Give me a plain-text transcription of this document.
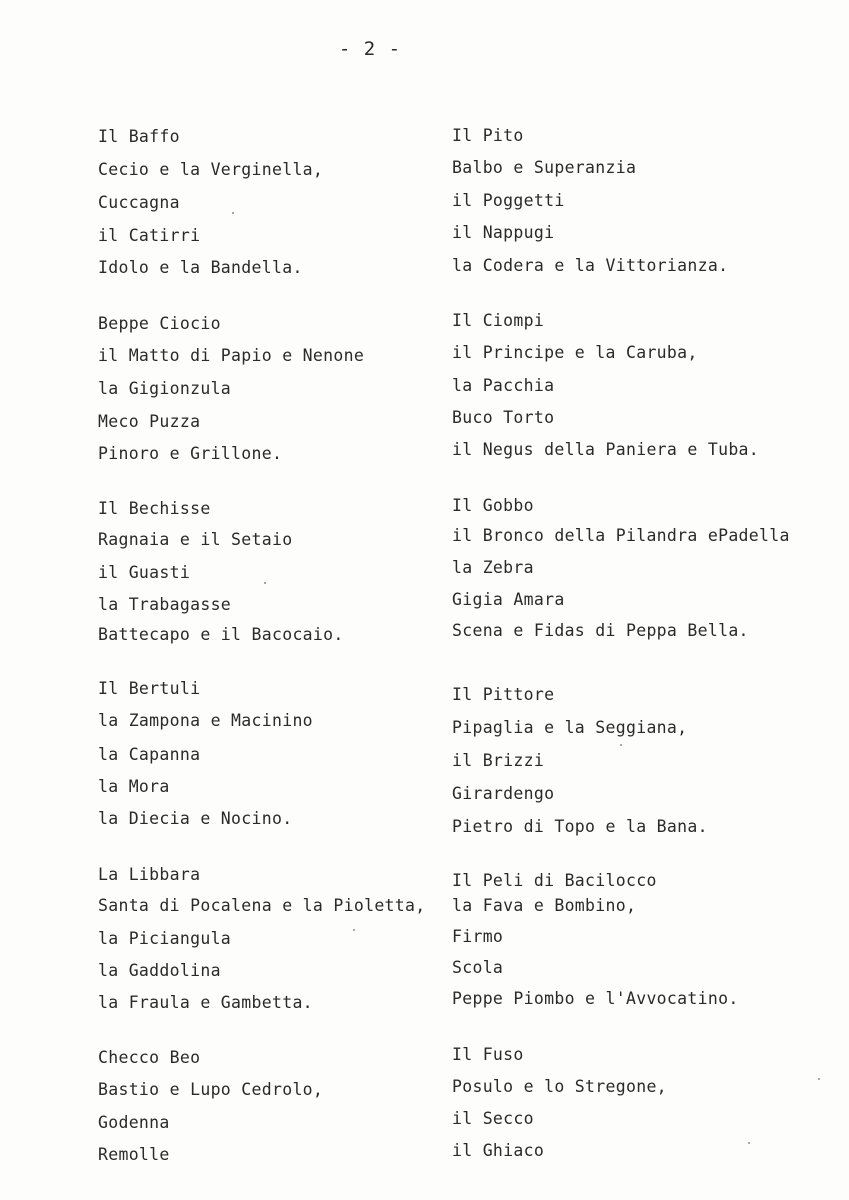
- 2 -
Il Baffo
Cecio e la Verginella,
Cuccagna
il Catirri
Idolo e la Bandella.
Beppe Ciocio
il Matto di Papio e Nenone
la Gigionzula
Meco Puzza
Pinoro e Grillone.
Il Bechisse
Ragnaia e il Setaio
il Guasti
la Trabagasse
Battecapo e il Bacocaio.
Il Bertuli
la Zampona e Macinino
la Capanna
la Mora
la Diecia e Nocino.
La Libbara
Santa di Pocalena e la Pioletta,
la Piciangula
la Gaddolina
la Fraula e Gambetta.
Checco Beo
Bastio e Lupo Cedrolo,
Godenna
Remolle
Il Pito
Balbo e Superanzia
il Poggetti
il Nappugi
la Codera e la Vittorianza.
Il Ciompi
il Principe e la Caruba,
la Pacchia
Buco Torto
il Negus della Paniera e Tuba.
Il Gobbo
il Bronco della Pilandra ePadella
la Zebra
Gigia Amara
Scena e Fidas di Peppa Bella.
Il Pittore
Pipaglia e la Seggiana,
il Brizzi
Girardengo
Pietro di Topo e la Bana.
Il Peli di Bacilocco
la Fava e Bombino,
Firmo
Scola
Peppe Piombo e l'Avvocatino.
Il Fuso
Posulo e lo Stregone,
il Secco
il Ghiaco
